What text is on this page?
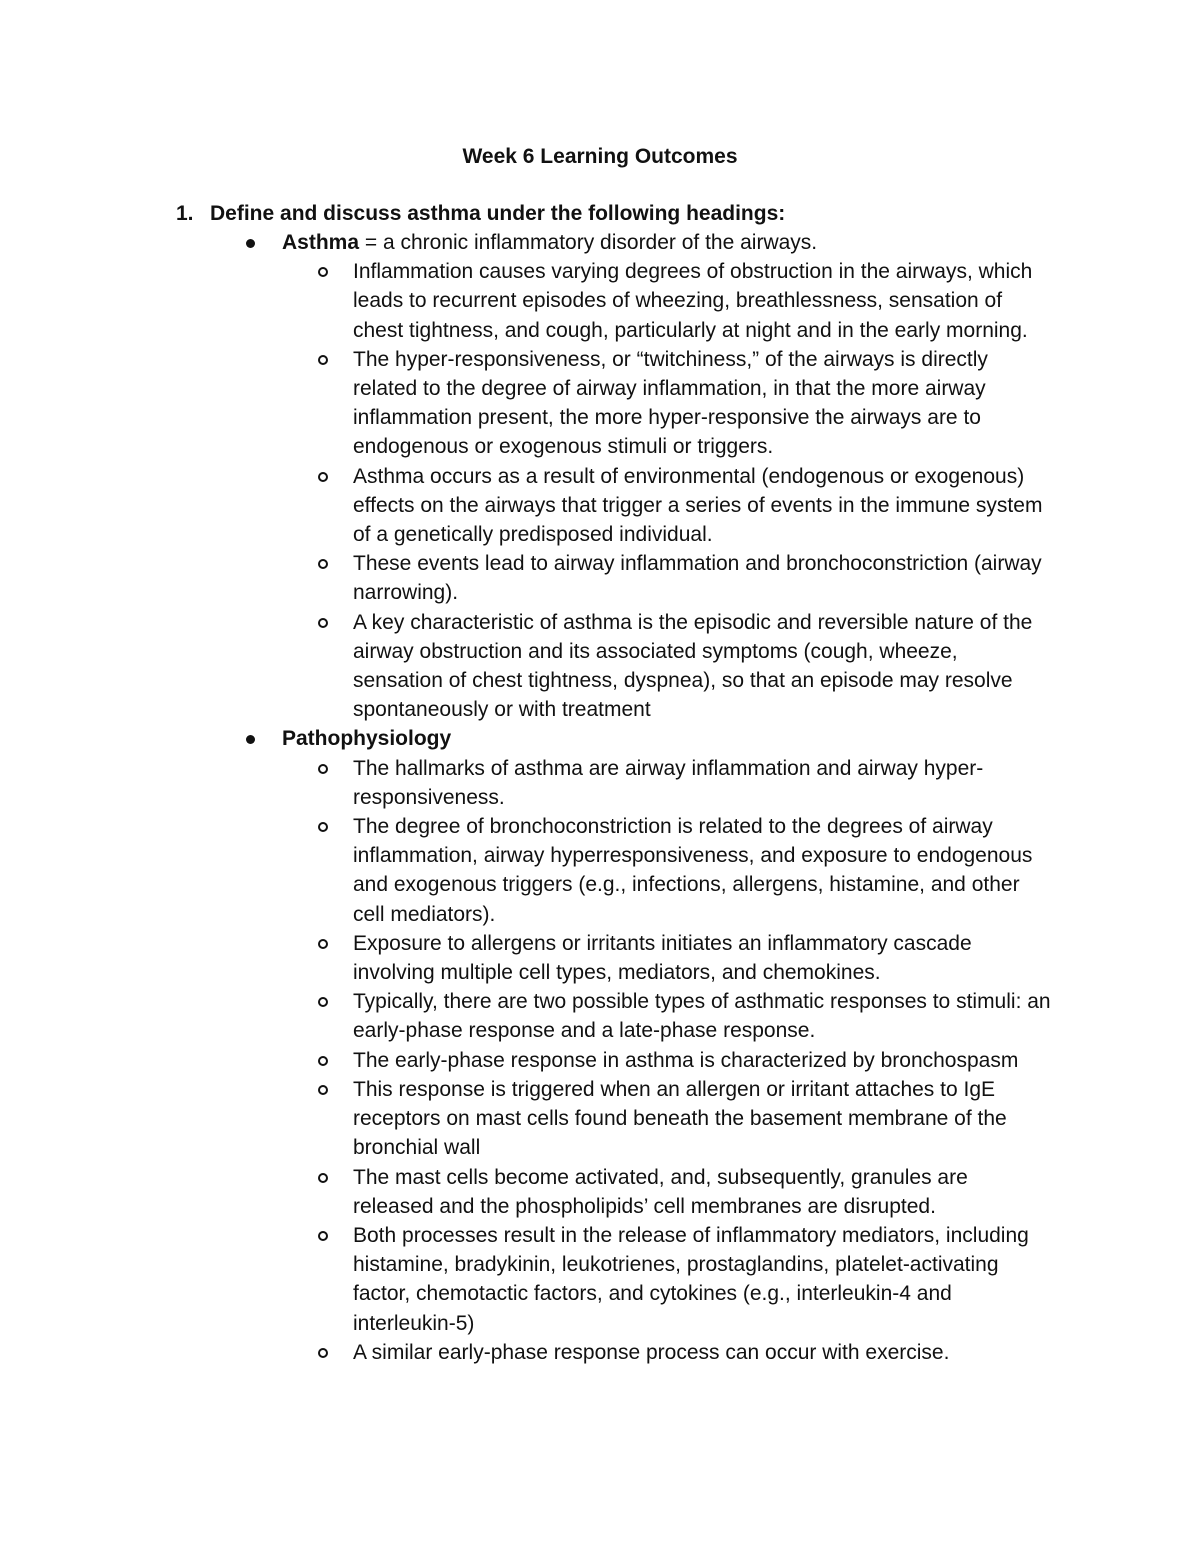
Week 6 Learning Outcomes
1. Define and discuss asthma under the following headings:
Asthma = a chronic inflammatory disorder of the airways.
Inflammation causes varying degrees of obstruction in the airways, which leads to recurrent episodes of wheezing, breathlessness, sensation of chest tightness, and cough, particularly at night and in the early morning.
The hyper-responsiveness, or “twitchiness,” of the airways is directly related to the degree of airway inflammation, in that the more airway inflammation present, the more hyper-responsive the airways are to endogenous or exogenous stimuli or triggers.
Asthma occurs as a result of environmental (endogenous or exogenous) effects on the airways that trigger a series of events in the immune system of a genetically predisposed individual.
These events lead to airway inflammation and bronchoconstriction (airway narrowing).
A key characteristic of asthma is the episodic and reversible nature of the airway obstruction and its associated symptoms (cough, wheeze, sensation of chest tightness, dyspnea), so that an episode may resolve spontaneously or with treatment
Pathophysiology
The hallmarks of asthma are airway inflammation and airway hyper-responsiveness.
The degree of bronchoconstriction is related to the degrees of airway inflammation, airway hyperresponsiveness, and exposure to endogenous and exogenous triggers (e.g., infections, allergens, histamine, and other cell mediators).
Exposure to allergens or irritants initiates an inflammatory cascade involving multiple cell types, mediators, and chemokines.
Typically, there are two possible types of asthmatic responses to stimuli: an early-phase response and a late-phase response.
The early-phase response in asthma is characterized by bronchospasm
This response is triggered when an allergen or irritant attaches to IgE receptors on mast cells found beneath the basement membrane of the bronchial wall
The mast cells become activated, and, subsequently, granules are released and the phospholipids’ cell membranes are disrupted.
Both processes result in the release of inflammatory mediators, including histamine, bradykinin, leukotrienes, prostaglandins, platelet-activating factor, chemotactic factors, and cytokines (e.g., interleukin-4 and interleukin-5)
A similar early-phase response process can occur with exercise.
